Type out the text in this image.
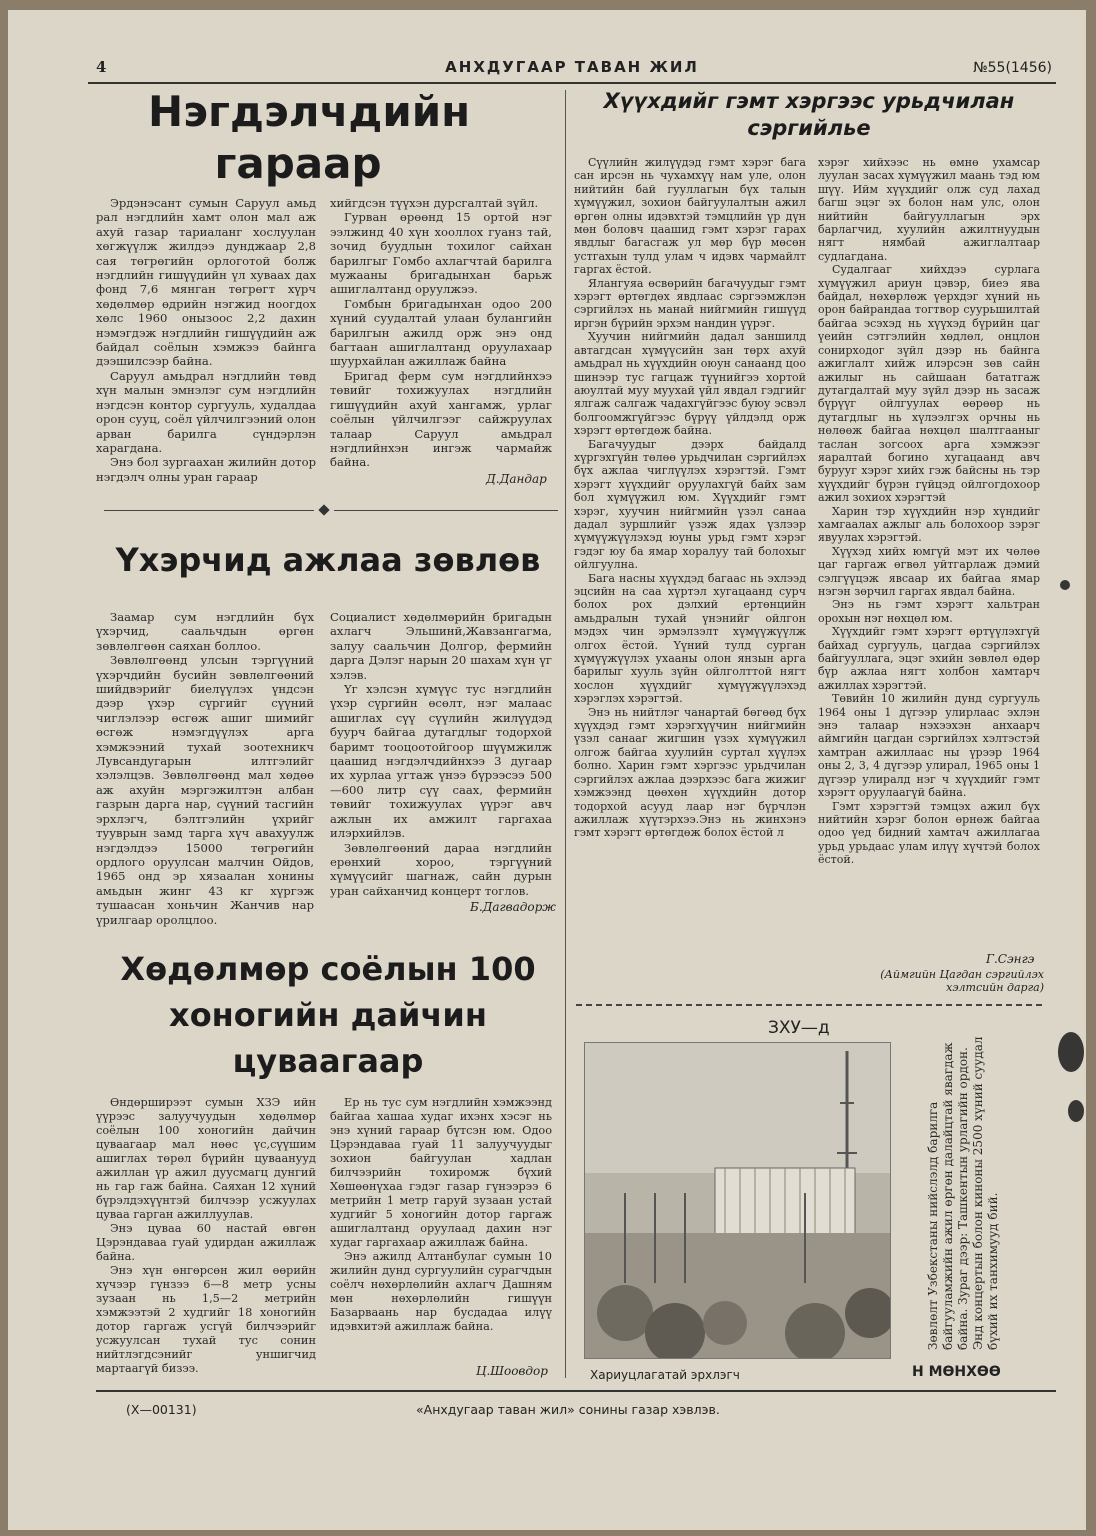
4	АНХДУГААР ТАВАН ЖИЛ	№55(1456)
Нэгдэлчдийн
гараар

Эрдэнэсант сумын Саруул амьд рал нэгдлийн хамт олон мал аж ахуй газар тариаланг хослуулан хөгжүүлж жилдээ дунджаар 2,8 сая төгрөгийн орлоготой болж нэгдлийн гишүүдийн үл хуваах дах фонд 7,6 мянган төгрөгт хүрч хөдөлмөр өдрийн нэгжид ноогдох хөлс 1960 онызоос 2,2 дахин нэмэгдэж нэгдлийн гишүүдийн аж байдал соёлын хэмжээ байнга дээшилсээр байна.

Саруул амьдрал нэгдлийн төвд хүн малын эмнэлэг сум нэгдлийн нэгдсэн контор сургууль, худалдаа орон сууц, соёл үйлчилгээний олон арван барилга сүндэрлэн харагдана.

Энэ бол зургаахан жилийн дотор нэгдэлч олны уран гараар

хийгдсэн түүхэн дурсгалтай зүйл.

Гурван өрөөнд 15 ортой нэг ээлжинд 40 хүн хооллох гуанз тай, зочид буудлын тохилог сайхан барилгыг Гомбо ахлагчтай барилга мужааны бригадынхан барьж ашиглалтанд оруулжээ.

Гомбын бригадынхан одоо 200 хүний суудалтай улаан булангийн барилгын ажилд орж энэ онд багтаан ашиглалтанд оруулахаар шуурхайлан ажиллаж байна

Бригад ферм сум нэгдлийнхээ төвийг тохижуулах нэгдлийн гишүүдийн ахуй хангамж, урлаг соёлын үйлчилгээг сайжруулах талаар Саруул амьдрал нэгдлийнхэн ингэж чармайж байна.

Д.Дандар
Үхэрчид ажлаа зөвлөв

Заамар сум нэгдлийн бүх үхэрчид, саальчдын өргөн зөвлөлгөөн саяхан боллоо.

Зөвлөлгөөнд улсын тэргүүний үхэрчдийн бусийн зөвлөлгөөний шийдвэрийг биелүүлэх үндсэн дээр үхэр сүргийг сүүний чиглэлээр өсгөж ашиг шимийг өсгөж нэмэгдүүлэх арга хэмжээний тухай зоотехникч Лувсандугарын илтгэлийг хэлэлцэв. Зөвлөлгөөнд мал хөдөө аж ахуйн мэргэжилтэн албан газрын дарга нар, сүүний тасгийн эрхлэгч, бэлтгэлийн үхрийг тууврын замд тарга хүч авахуулж нэгдэлдээ 15000 төгрөгийн ордлого оруулсан малчин Ойдов, 1965 онд эр хязаалан хонины амьдын жинг 43 кг хүргэж тушаасан хоньчин Жанчив нар үрилгаар оролцлоо.

Социалист хөдөлмөрийн бригадын ахлагч Эльшинй,Жавзангагма, залуу саальчин Долгор, фермийн дарга Дэлэг нарын 20 шахам хүн үг хэлэв.

Үг хэлсэн хүмүүс тус нэгдлийн үхэр сүргийн өсөлт, нэг малаас ашиглах сүү сүүлийн жилүүдэд буурч байгаа дутагдлыг тодорхой баримт тооцоотойгоор шүүмжилж цаашид нэгдэлчдийнхээ 3 дугаар их хурлаа угтаж үнээ бүрээсээ 500—600 литр сүү саах, фермийн төвийг тохижуулах үүрэг авч ажлын их амжилт гаргахаа илэрхийлэв.

Зөвлөлгөөний дараа нэгдлийн ерөнхий хороо, тэргүүний хүмүүсийг шагнаж, сайн дурын уран сайханчид концерт тоглов.

Б.Дагвадорж
Хөдөлмөр соёлын 100
хоногийн дайчин
цуваагаар

Өндөрширээт сумын ХЗЭ ийн үүрээс залуучуудын хөдөлмөр соёлын 100 хоногийн дайчин цуваагаар мал нөөс үс,сүүшим ашиглах төрөл бүрийн цуваанууд ажиллан үр ажил дуусмагц дунгий нь гар гаж байна. Саяхан 12 хүний бүрэлдэхүүнтэй билчээр усжуулах цуваа гарган ажиллуулав.

Энэ цуваа 60 настай өвгөн Цэрэндаваа гуай удирдан ажиллаж байна.

Энэ хүн өнгөрсөн жил өөрийн хүчээр гүнзээ 6—8 метр усны зузаан нь 1,5—2 метрийн хэмжээтэй 2 худгийг 18 хоногийн дотор гаргаж усгүй билчээрийг усжуулсан тухай тус сонин нийтлэгдсэнийг уншигчид мартаагүй бизээ.

Ер нь тус сум нэгдлийн хэмжээнд байгаа хашаа худаг ихэнх хэсэг нь энэ хүний гараар бүтсэн юм. Одоо Цэрэндаваа гуай 11 залуучуудыг зохион байгуулан хадлан билчээрийн тохиромж бүхий Хөшөөнүхаа гэдэг газар гүнээрээ 6 метрийн 1 метр гаруй зузаан устай худгийг 5 хоногийн дотор гаргаж ашиглалтанд оруулаад дахин нэг худаг гаргахаар ажиллаж байна.

Энэ ажилд Алтанбулаг сумын 10 жилийн дунд сургуулийн сурагчдын соёлч нөхөрлөлийн ахлагч Дашням мөн нөхөрлөлийн гишүүн Базарваань нар бусдадаа илүү идэвхитэй ажиллаж байна.

Ц.Шоовдор
Хүүхдийг гэмт хэргээс урьдчилан
сэргийлье

Сүүлийн жилүүдэд гэмт хэрэг бага сан ирсэн нь чухамхүү нам уле, олон нийтийн бай гууллагын бүх талын хүмүүжил, зохион байгуулалтын ажил өргөн олны идэвхтэй тэмцлийн үр дүн мөн боловч цаашид гэмт хэрэг гарах явдлыг багасгаж ул мөр бүр мөсөн устгахын тулд улам ч идэвх чармайлт гаргах ёстой.

Ялангуяа өсвөрийн багачуудыг гэмт хэрэгт өртөгдөх явдлаас сэргээмжлэн сэргийлэх нь манай нийгмийн гишүүд иргэн бүрийн эрхэм нандин үүрэг.

Хуучин нийгмийн дадал заншилд автагдсан хүмүүсийн зан төрх ахуй амьдрал нь хүүхдийн оюун санаанд цоо шинээр тус гагцаж түүнийгээ хортой аюултай муу муухай үйл явдал гэдгийг ялгаж салгаж чадахгүйгээс буюу эсвэл болгоомжгүйгээс бүрүү үйлдэлд орж хэрэгт өртөгдөж байна.

Багачуудыг дээрх байдалд хүргэхгүйн төлөө урьдчилан сэргийлэх бүх ажлаа чиглүүлэх хэрэгтэй. Гэмт хэрэгт хүүхдийг оруулахгүй байх зам бол хүмүүжил юм. Хүүхдийг гэмт хэрэг, хуучин нийгмийн үзэл санаа дадал зуршлийг үзэж ядах үзлээр хүмүүжүүлэхэд юуны урьд гэмт хэрэг гэдэг юу ба ямар хоралуу тай болохыг ойлгуулна.

Бага насны хүүхдэд багаас нь эхлээд эцсийн на саа хүртэл хугацаанд сурч болох рох дэлхий ертөнцийн амьдралын тухай үнэнийг ойлгон мэдэх чин эрмэлзэлт хүмүүжүүлж олгох ёстой. Үүний тулд сурган хүмүүжүүлэх ухааны олон янзын арга барилыг хууль зүйн ойлголттой нягт хослон хүүхдийг хүмүүжүүлэхэд хэрэглэх хэрэгтэй.

Энэ нь нийтлэг чанартай бөгөөд бүх хүүхдэд гэмт хэрэгхүүчин нийгмийн үзэл санааг жигшин үзэх хүмүүжил олгож байгаа хуулийн суртал хүүлэх болно. Харин гэмт хэргээс урьдчилан сэргийлэх ажлаа дээрхээс бага жижиг хэмжээнд цөөхөн хүүхдийн дотор тодорхой асууд лаар нэг бүрчлэн ажиллаж хүүтэрхээ.Энэ нь жинхэнэ гэмт хэрэгт өртөгдөж болох ёстой л

хэрэг хийхээс нь өмнө ухамсар луулан засах хүмүүжил маань тэд юм шүү. Ийм хүүхдийг олж суд лахад багш эцэг эх болон нам улс, олон нийтийн байгууллагын эрх барлагчид, хуулийн ажилтнуудын нягт нямбай ажиглалтаар судлагдана.

Судалгааг хийхдээ сурлага хүмүүжил ариун цэвэр, биеэ ява байдал, нөхөрлөж үерхдэг хүний нь орон байрандаа тогтвор суурьшилтай байгаа эсэхэд нь хүүхэд бүрийн цаг үеийн сэтгэлийн хөдлөл, онцлон сонирходог зүйл дээр нь байнга ажиглалт хийж илэрсэн зөв сайн ажилыг нь сайшаан бататгаж дутагдалтай муу зүйл дээр нь засаж бүрүүг ойлгуулах өөрөөр нь дутагдлыг нь хүлээлгэх орчны нь нөлөөж байгаа нөхцөл шалтгааныг таслан зогсоох арга хэмжээг яаралтай богино хугацаанд авч бурууг хэрэг хийх гэж байсны нь тэр хүүхдийг бүрэн гүйцэд ойлгогдохоор ажил зохиох хэрэгтэй

Харин тэр хүүхдийн нэр хүндийг хамгаалах ажлыг аль болохоор зэрэг явуулах хэрэгтэй.

Хүүхэд хийх юмгүй мэт их чөлөө цаг гаргаж өгвөл уйтгарлаж дэмий сэлгүүцэж явсаар их байгаа ямар нэгэн зөрчил гаргах явдал байна.

Энэ нь гэмт хэрэгт хальтран орохын нэг нөхцөл юм.

Хүүхдийг гэмт хэрэгт өртүүлэхгүй байхад сургууль, цагдаа сэргийлэх байгууллага, эцэг эхийн зөвлөл өдөр бүр ажлаа нягт холбон хамтарч ажиллах хэрэгтэй.

Төвийн 10 жилийн дунд сургууль 1964 оны 1 дүгээр улирлаас эхлэн энэ талаар нэхээхэн анхаарч аймгийн цагдан сэргийлэх хэлтэстэй хамтран ажиллаас ны үрээр 1964 оны 2, 3, 4 дүгээр улирал, 1965 оны 1 дүгээр улиралд нэг ч хүүхдийг гэмт хэрэгт оруулаагүй байна.

Гэмт хэрэгтэй тэмцэх ажил бүх нийтийн хэрэг болон өрнөж байгаа одоо үед бидний хамтач ажиллагаа урьд урьдаас улам илүү хүчтэй болох ёстой.

Г.Сэнгэ
(Аймгийн Цагдан сэргийлэх хэлтсийн дарга)
ЗХУ—д
Зөвлөлт Узбекстаны нийслэлд барилга байгууламжийн ажил өргөн далайцтай явагдаж байна. Зураг дээр: Ташкентын урлагийн ордон. Энд концертын болон киноны 2500 хүний суудал бүхий их танхимууд бий.
Хариуцлагатай эрхлэгч	Н МӨНХӨӨ
(Х—00131)	«Анхдугаар таван жил» сонины газар хэвлэв.
